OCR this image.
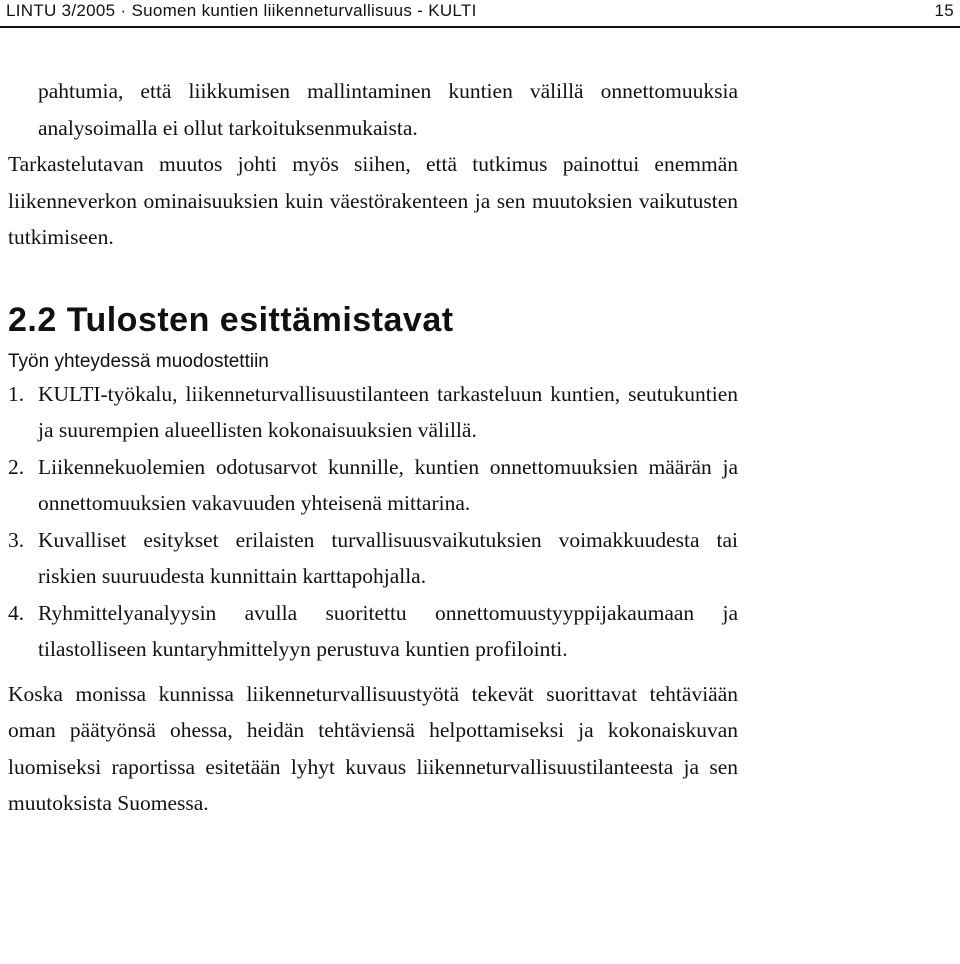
LINTU 3/2005 · Suomen kuntien liikenneturvallisuus - KULTI	15

pahtumia, että liikkumisen mallintaminen kuntien välillä onnettomuuksia analysoimalla ei ollut tarkoituksenmukaista.

Tarkastelutavan muutos johti myös siihen, että tutkimus painottui enemmän liikenneverkon ominaisuuksien kuin väestörakenteen ja sen muutoksien vaikutusten tutkimiseen.

2.2 Tulosten esittämistavat

Työn yhteydessä muodostettiin

1. KULTI-työkalu, liikenneturvallisuustilanteen tarkasteluun kuntien, seutukuntien ja suurempien alueellisten kokonaisuuksien välillä.
2. Liikennekuolemien odotusarvot kunnille, kuntien onnettomuuksien määrän ja onnettomuuksien vakavuuden yhteisenä mittarina.
3. Kuvalliset esitykset erilaisten turvallisuusvaikutuksien voimakkuudesta tai riskien suuruudesta kunnittain karttapohjalla.
4. Ryhmittelyanalyysin avulla suoritettu onnettomuustyyppijakaumaan ja tilastolliseen kuntaryhmittelyyn perustuva kuntien profilointi.

Koska monissa kunnissa liikenneturvallisuustyötä tekevät suorittavat tehtäviään oman päätyönsä ohessa, heidän tehtäviensä helpottamiseksi ja kokonaiskuvan luomiseksi raportissa esitetään lyhyt kuvaus liikenneturvallisuustilanteesta ja sen muutoksista Suomessa.
